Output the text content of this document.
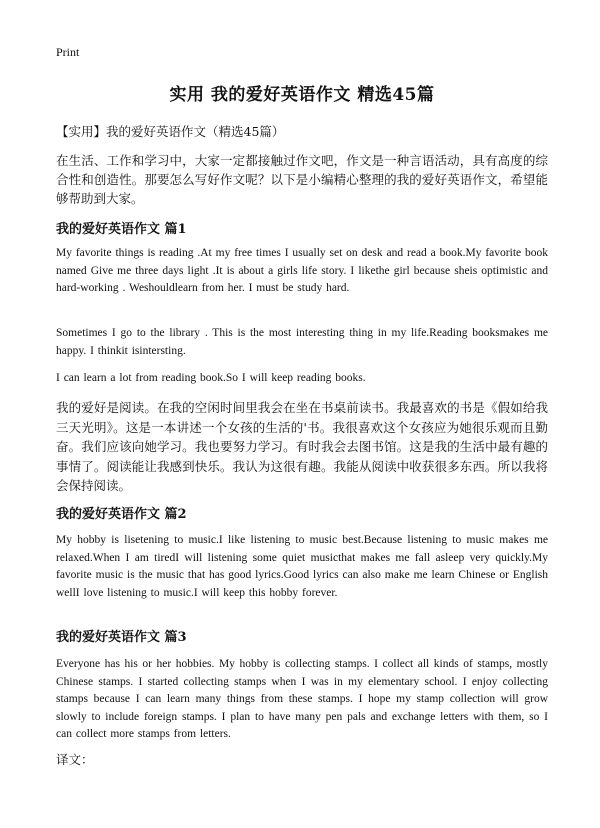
Print
实用 我的爱好英语作文 精选45篇
【实用】我的爱好英语作文（精选45篇）
在生活、工作和学习中，大家一定都接触过作文吧，作文是一种言语活动，具有高度的综合性和创造性。那要怎么写好作文呢？以下是小编精心整理的我的爱好英语作文，希望能够帮助到大家。
我的爱好英语作文 篇1
My favorite things is reading .At my free times I usually set on desk and read a book.My favorite book named Give me three days light .It is about a girls life story. I likethe girl because sheis optimistic and hard-working . Weshouldlearn from her. I must be study hard.
Sometimes I go to the library . This is the most interesting thing in my life.Reading booksmakes me happy. I thinkit isintersting.
I can learn a lot from reading book.So I will keep reading books.
我的爱好是阅读。在我的空闲时间里我会在坐在书桌前读书。我最喜欢的书是《假如给我三天光明》。这是一本讲述一个女孩的生活的'书。我很喜欢这个女孩应为她很乐观而且勤奋。我们应该向她学习。我也要努力学习。有时我会去图书馆。这是我的生活中最有趣的事情了。阅读能让我感到快乐。我认为这很有趣。我能从阅读中收获很多东西。所以我将会保持阅读。
我的爱好英语作文 篇2
My hobby is lisetening to music.I like listening to music best.Because listening to music makes me relaxed.When I am tiredI will listening some quiet musicthat makes me fall asleep very quickly.My favorite music is the music that has good lyrics.Good lyrics can also make me learn Chinese or English wellI love listening to music.I will keep this hobby forever.
我的爱好英语作文 篇3
Everyone has his or her hobbies. My hobby is collecting stamps. I collect all kinds of stamps, mostly Chinese stamps. I started collecting stamps when I was in my elementary school. I enjoy collecting stamps because I can learn many things from these stamps. I hope my stamp collection will grow slowly to include foreign stamps. I plan to have many pen pals and exchange letters with them, so I can collect more stamps from letters.
译文：
